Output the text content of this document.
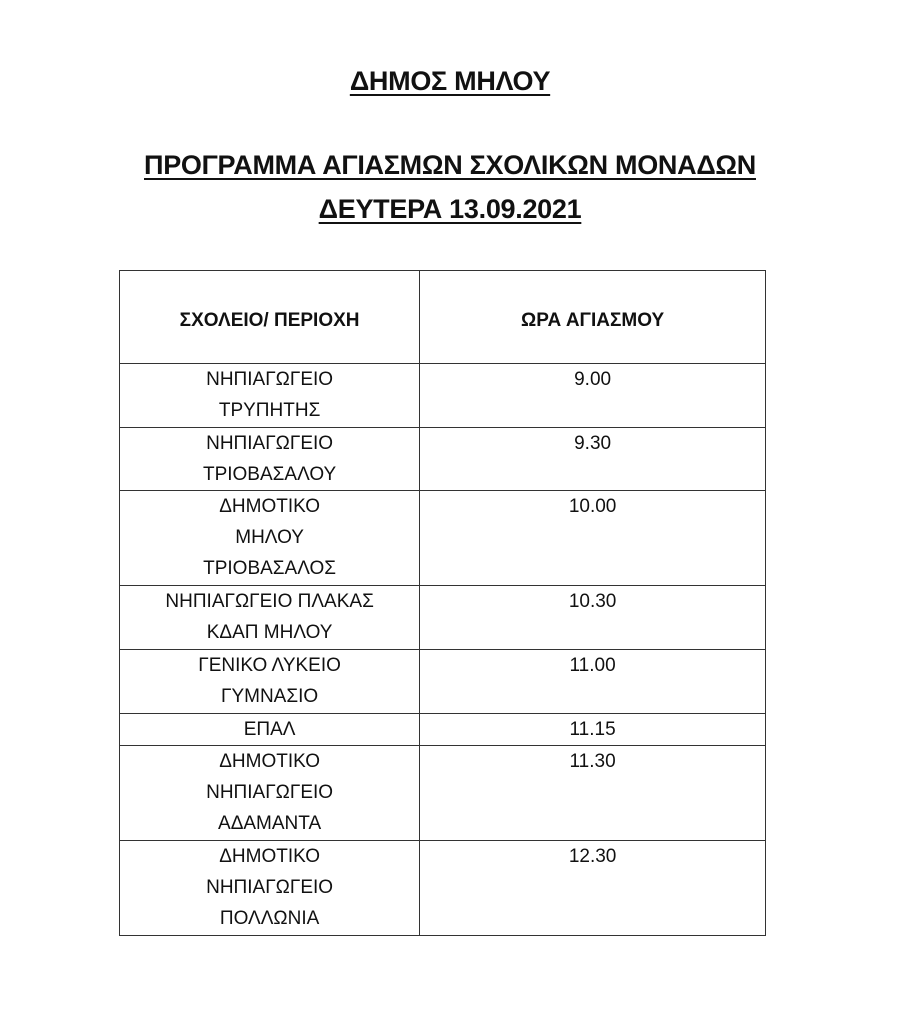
ΔΗΜΟΣ ΜΗΛΟΥ
ΠΡΟΓΡΑΜΜΑ ΑΓΙΑΣΜΩΝ ΣΧΟΛΙΚΩΝ ΜΟΝΑΔΩΝ
ΔΕΥΤΕΡΑ 13.09.2021
ΣΧΟΛΕΙΟ/ ΠΕΡΙΟΧΗ	ΩΡΑ ΑΓΙΑΣΜΟΥ

ΝΗΠΙΑΓΩΓΕΙΟ
ΤΡΥΠΗΤΗΣ	9.00

ΝΗΠΙΑΓΩΓΕΙΟ
ΤΡΙΟΒΑΣΑΛΟΥ	9.30

ΔΗΜΟΤΙΚΟ
ΜΗΛΟΥ
ΤΡΙΟΒΑΣΑΛΟΣ	10.00

ΝΗΠΙΑΓΩΓΕΙΟ ΠΛΑΚΑΣ
ΚΔΑΠ ΜΗΛΟΥ	10.30

ΓΕΝΙΚΟ ΛΥΚΕΙΟ
ΓΥΜΝΑΣΙΟ	11.00

ΕΠΑΛ	11.15

ΔΗΜΟΤΙΚΟ
ΝΗΠΙΑΓΩΓΕΙΟ
ΑΔΑΜΑΝΤΑ	11.30

ΔΗΜΟΤΙΚΟ
ΝΗΠΙΑΓΩΓΕΙΟ
ΠΟΛΛΩΝΙΑ	12.30
